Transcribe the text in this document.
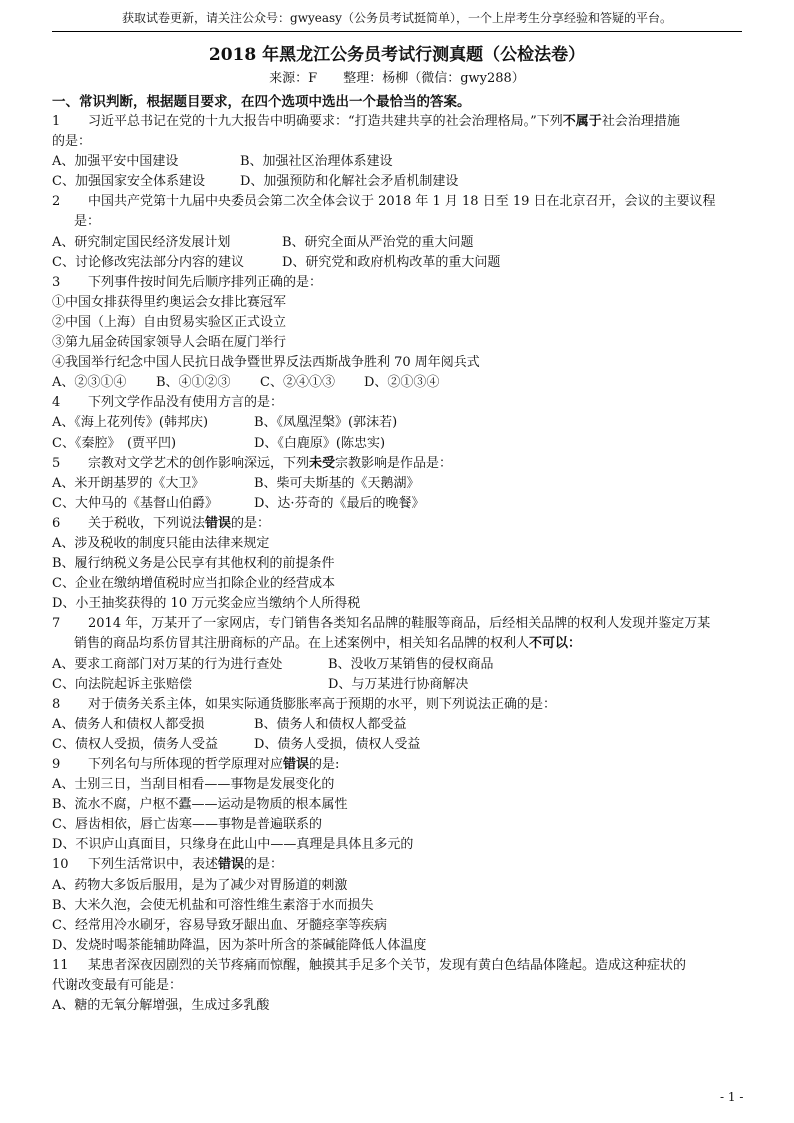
获取试卷更新，请关注公众号：gwyeasy（公务员考试挺简单），一个上岸考生分享经验和答疑的平台。
2018 年黑龙江公务员考试行测真题（公检法卷）
来源：F　　整理：杨柳（微信：gwy288）
一、常识判断，根据题目要求，在四个选项中选出一个最恰当的答案。
1 习近平总书记在党的十九大报告中明确要求：“打造共建共享的社会治理格局。”下列不属于社会治理措施
的是：
A、加强平安中国建设	B、加强社区治理体系建设
C、加强国家安全体系建设	D、加强预防和化解社会矛盾机制建设
2 中国共产党第十九届中央委员会第二次全体会议于 2018 年 1 月 18 日至 19 日在北京召开，会议的主要议程
是：
A、研究制定国民经济发展计划	B、研究全面从严治党的重大问题
C、讨论修改宪法部分内容的建议	D、研究党和政府机构改革的重大问题
3 下列事件按时间先后顺序排列正确的是：
①中国女排获得里约奥运会女排比赛冠军
②中国（上海）自由贸易实验区正式设立
③第九届金砖国家领导人会晤在厦门举行
④我国举行纪念中国人民抗日战争暨世界反法西斯战争胜利 70 周年阅兵式
A、②③①④ B、④①②③ C、②④①③ D、②①③④
4 下列文学作品没有使用方言的是：
A、《海上花列传》(韩邦庆)	B、《凤凰涅槃》(郭沫若)
C、《秦腔》　(贾平凹)	D、《白鹿原》(陈忠实)
5 宗教对文学艺术的创作影响深远，下列未受宗教影响是作品是：
A、米开朗基罗的《大卫》	B、柴可夫斯基的《天鹅湖》
C、大仲马的《基督山伯爵》	D、达·芬奇的《最后的晚餐》
6 关于税收，下列说法错误的是：
A、涉及税收的制度只能由法律来规定
B、履行纳税义务是公民享有其他权利的前提条件
C、企业在缴纳增值税时应当扣除企业的经营成本
D、小王抽奖获得的 10 万元奖金应当缴纳个人所得税
7 2014 年，万某开了一家网店，专门销售各类知名品牌的鞋服等商品，后经相关品牌的权利人发现并鉴定万某
销售的商品均系仿冒其注册商标的产品。在上述案例中，相关知名品牌的权利人不可以：
A、要求工商部门对万某的行为进行查处	B、没收万某销售的侵权商品
C、向法院起诉主张赔偿	D、与万某进行协商解决
8 对于债务关系主体，如果实际通货膨胀率高于预期的水平，则下列说法正确的是：
A、债务人和债权人都受损	B、债务人和债权人都受益
C、债权人受损，债务人受益	D、债务人受损，债权人受益
9 下列名句与所体现的哲学原理对应错误的是:
A、士别三日，当刮目相看——事物是发展变化的
B、流水不腐，户枢不蠹——运动是物质的根本属性
C、唇齿相依，唇亡齿寒——事物是普遍联系的
D、不识庐山真面目，只缘身在此山中——真理是具体且多元的
10 下列生活常识中，表述错误的是：
A、药物大多饭后服用，是为了减少对胃肠道的刺激
B、大米久泡，会使无机盐和可溶性维生素溶于水而损失
C、经常用冷水刷牙，容易导致牙龈出血、牙髓痉挛等疾病
D、发烧时喝茶能辅助降温，因为茶叶所含的茶碱能降低人体温度
11 某患者深夜因剧烈的关节疼痛而惊醒，触摸其手足多个关节，发现有黄白色结晶体隆起。造成这种症状的
代谢改变最有可能是：
A、糖的无氧分解增强，生成过多乳酸
- 1 -
